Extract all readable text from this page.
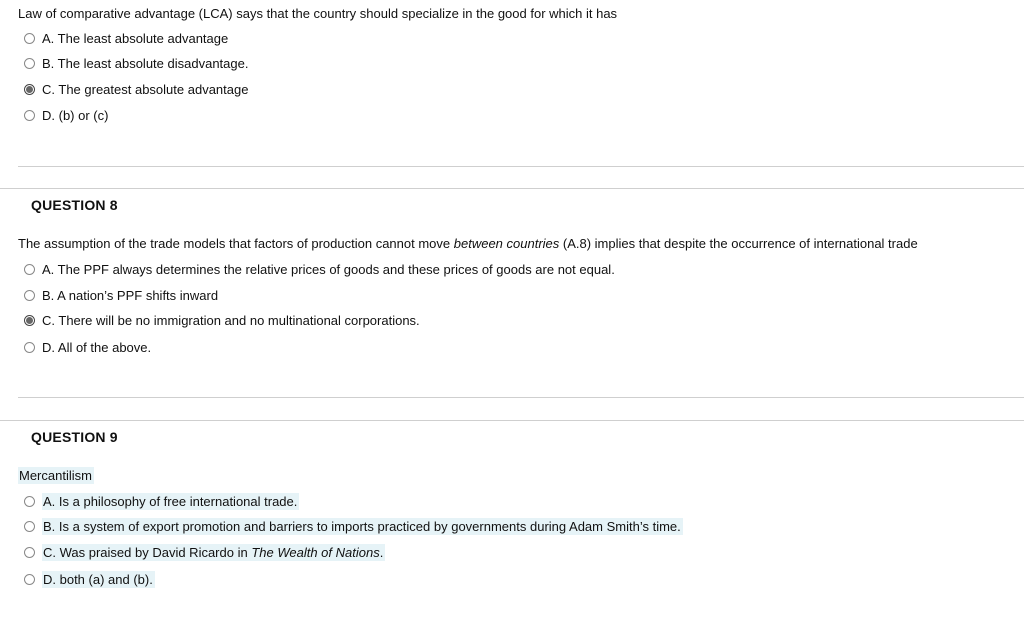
Law of comparative advantage (LCA) says that the country should specialize in the good for which it has
A. The least absolute advantage
B. The least absolute disadvantage.
C. The greatest absolute advantage
D. (b) or (c)
QUESTION 8
The assumption of the trade models that factors of production cannot move between countries (A.8) implies that despite the occurrence of international trade
A. The PPF always determines the relative prices of goods and these prices of goods are not equal.
B. A nation’s PPF shifts inward
C. There will be no immigration and no multinational corporations.
D. All of the above.
QUESTION 9
Mercantilism
A. Is a philosophy of free international trade.
B. Is a system of export promotion and barriers to imports practiced by governments during Adam Smith’s time.
C. Was praised by David Ricardo in The Wealth of Nations.
D. both (a) and (b).
